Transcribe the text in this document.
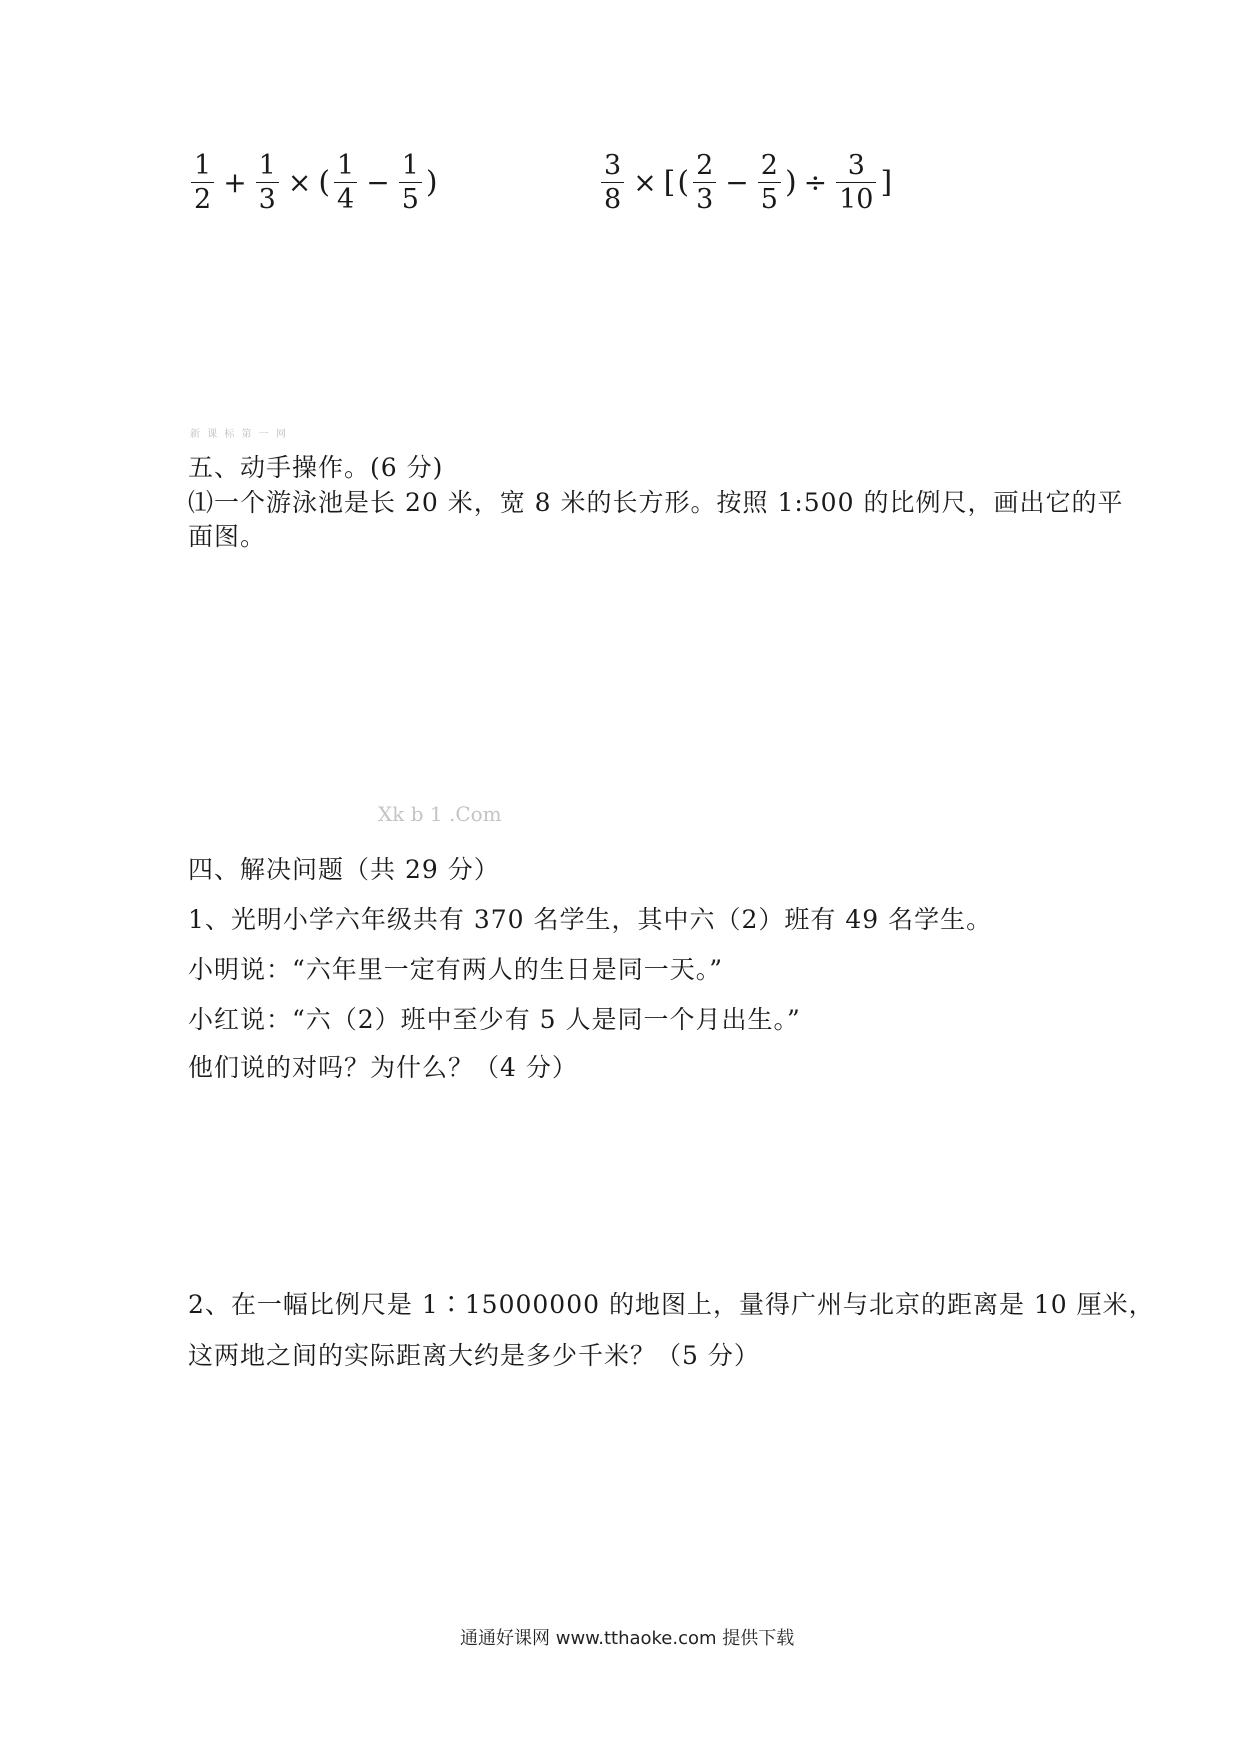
$\frac{1}{2} + \frac{1}{3}$ × ( $\frac{1}{4} - \frac{1}{5}$ )	$\frac{3}{8}$ × [ ( $\frac{2}{3} - \frac{2}{5}$ ) ÷ $\frac{3}{10}$ ]
新 课 标 第 一 网
五、动手操作。(6 分)
⑴一个游泳池是长 20 米，宽 8 米的长方形。按照 1:500 的比例尺，画出它的平
面图。
Xk b 1 .Com
四、解决问题（共 29 分）
1、光明小学六年级共有 370 名学生，其中六（2）班有 49 名学生。
小明说：“六年里一定有两人的生日是同一天。”
小红说：“六（2）班中至少有 5 人是同一个月出生。”
他们说的对吗？为什么？（4 分）
2、在一幅比例尺是 1∶15000000 的地图上，量得广州与北京的距离是 10 厘米，
这两地之间的实际距离大约是多少千米？（5 分）
通通好课网 www.tthaoke.com 提供下载
